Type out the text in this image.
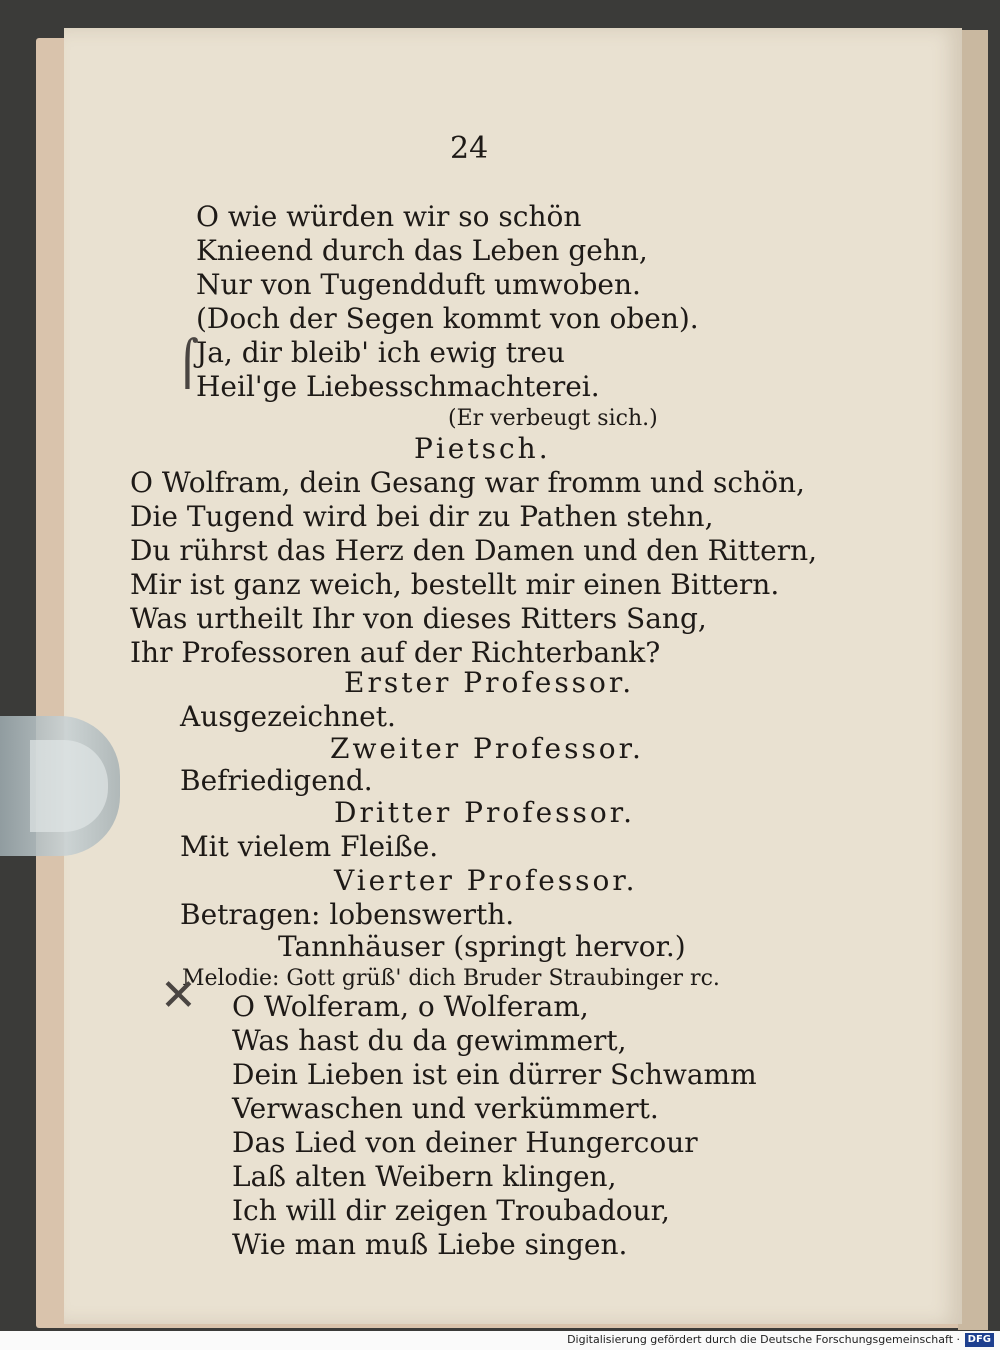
24
O wie würden wir so schön
Knieend durch das Leben gehn,
Nur von Tugendduft umwoben.
(Doch der Segen kommt von oben).
Ja, dir bleib' ich ewig treu
Heil'ge Liebesschmachterei.
(Er verbeugt sich.)
Pietsch.
O Wolfram, dein Gesang war fromm und schön,
Die Tugend wird bei dir zu Pathen stehn,
Du rührst das Herz den Damen und den Rittern,
Mir ist ganz weich, bestellt mir einen Bittern.
Was urtheilt Ihr von dieses Ritters Sang,
Ihr Professoren auf der Richterbank?
Erster Professor.
Ausgezeichnet.
Zweiter Professor.
Befriedigend.
Dritter Professor.
Mit vielem Fleiße.
Vierter Professor.
Betragen: lobenswerth.
Tannhäuser (springt hervor.)
Melodie: Gott grüß' dich Bruder Straubinger rc.
O Wolferam, o Wolferam,
Was hast du da gewimmert,
Dein Lieben ist ein dürrer Schwamm
Verwaschen und verkümmert.
Das Lied von deiner Hungercour
Laß alten Weibern klingen,
Ich will dir zeigen Troubadour,
Wie man muß Liebe singen.
⌠
✕
Digitalisierung gefördert durch die Deutsche Forschungsgemeinschaft · DFG
